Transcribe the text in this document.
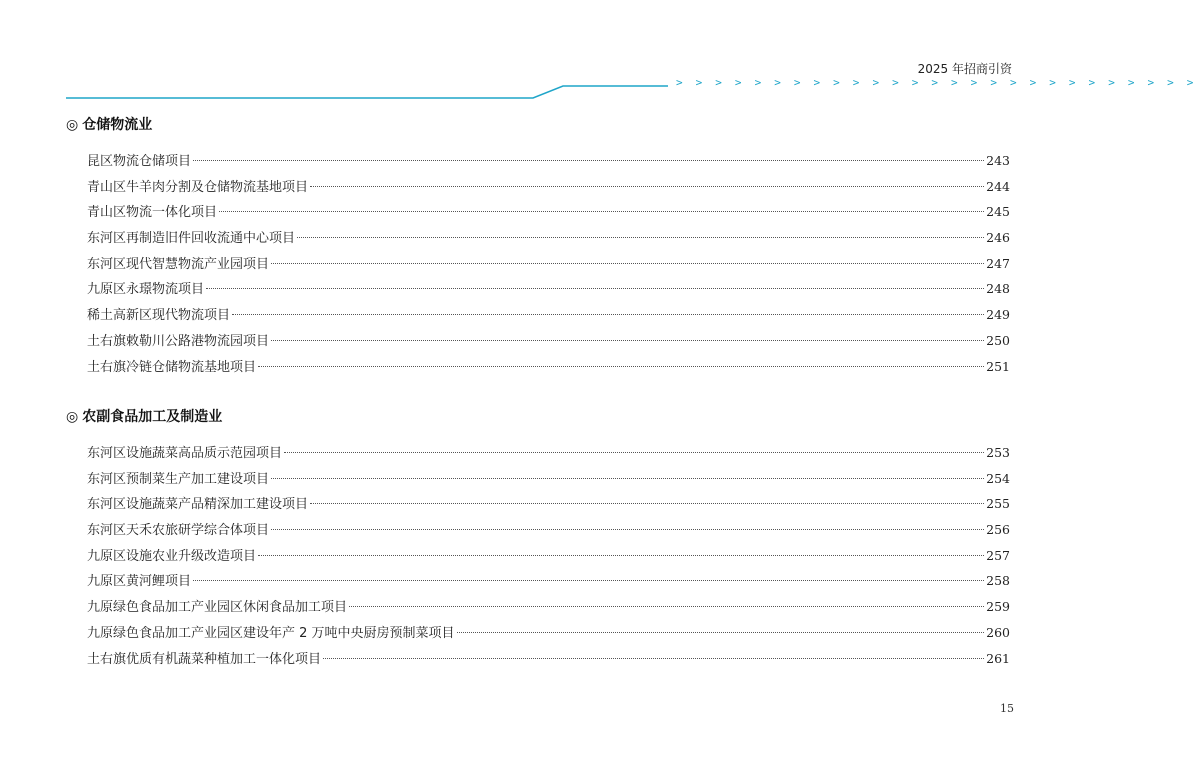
2025 年招商引资
> > > > > > > > > > > > > > > > > > > > > > > > > > >
◎ 仓储物流业
昆区物流仓储项目	243
青山区牛羊肉分割及仓储物流基地项目	244
青山区物流一体化项目	245
东河区再制造旧件回收流通中心项目	246
东河区现代智慧物流产业园项目	247
九原区永璟物流项目	248
稀土高新区现代物流项目	249
土右旗敕勒川公路港物流园项目	250
土右旗冷链仓储物流基地项目	251
◎ 农副食品加工及制造业
东河区设施蔬菜高品质示范园项目	253
东河区预制菜生产加工建设项目	254
东河区设施蔬菜产品精深加工建设项目	255
东河区天禾农旅研学综合体项目	256
九原区设施农业升级改造项目	257
九原区黄河鲤项目	258
九原绿色食品加工产业园区休闲食品加工项目	259
九原绿色食品加工产业园区建设年产 2 万吨中央厨房预制菜项目	260
土右旗优质有机蔬菜种植加工一体化项目	261
15
